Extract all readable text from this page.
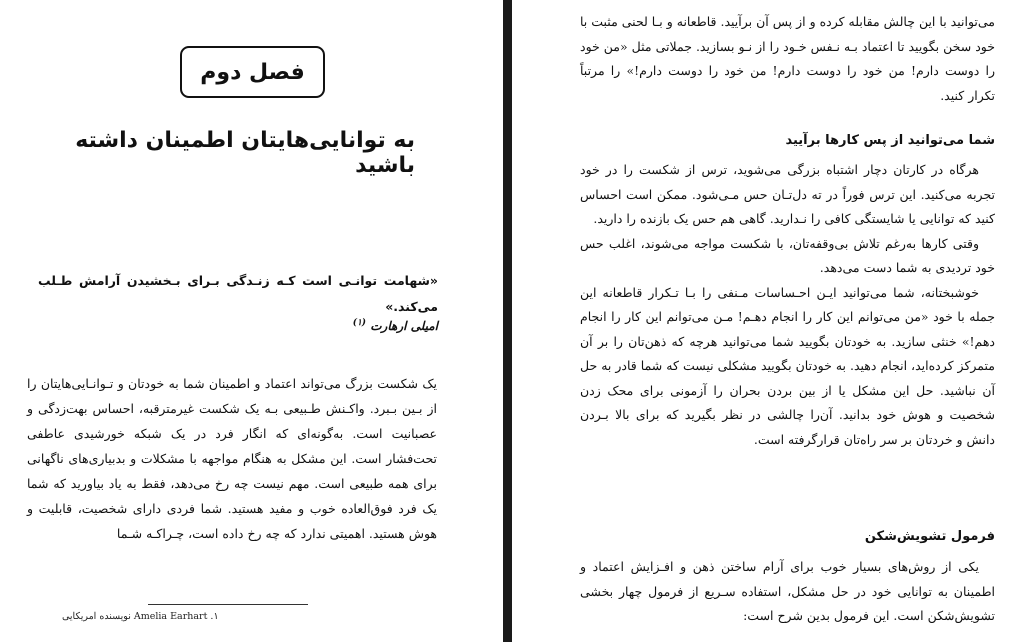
فصل دوم
به توانایی‌هایتان اطمینان داشته باشید
«شهامت توانـی است کـه زنـدگی بـرای بـخشیدن آرامش طـلب می‌کند.»
امیلی ارهارت $^{(۱)}$
یک شکست بزرگ می‌تواند اعتماد و اطمینان شما به خودتان و تـوانـایی‌هایتان را از بـین بـبرد. واکـنش طـبیعی بـه یک شکست غیرمترقبه، احساس بهت‌زدگی و عصبانیت است. به‌گونه‌ای که انگار فرد در یک شبکه خورشیدی عاطفی تحت‌فشار است. این مشکل به هنگام مواجهه با مشکلات و بدبیاری‌های ناگهانی برای همه طبیعی است. مهم نیست چه رخ می‌دهد، فقط به یاد بیاورید که شما یک فرد فوق‌العاده خوب و مفید هستید. شما فردی دارای شخصیت، قابلیت و هوش هستید. اهمیتی ندارد که چه رخ داده است، چـراکـه شـما
۱. Amelia Earhart نویسنده امریکایی

می‌توانید با این چالش مقابله کرده و از پس آن برآیید. قاطعانه و بـا لحنی مثبت با خود سخن بگویید تا اعتماد بـه نـفس خـود را از نـو بسازید. جملاتی مثل «من خود را دوست دارم! من خود را دوست دارم! من خود را دوست دارم!» را مرتباً تکرار کنید.

شما می‌توانید از پس کارها برآیید

هرگاه در کارتان دچار اشتباه بزرگی می‌شوید، ترس از شکست را در خود تجربه می‌کنید. این ترس فوراً در ته دل‌تـان حس مـی‌شود. ممکن است احساس کنید که توانایی یا شایستگی کافی را نـدارید. گاهی هم حس یک بازنده را دارید.

وقتی کارها به‌رغم تلاش بی‌وقفه‌تان، با شکست مواجه می‌شوند، اغلب حس خود تردیدی به شما دست می‌دهد.

خوشبختانه، شما می‌توانید ایـن احـساسات مـنفی را بـا تـکرار قاطعانه این جمله با خود «من می‌توانم این کار را انجام دهـم! مـن می‌توانم این کار را انجام دهم!» خنثی سازید. به خودتان بگویید شما می‌توانید هرچه که ذهن‌تان را بر آن متمرکز کرده‌اید، انجام دهید. به خودتان بگویید مشکلی نیست که شما قادر به حل آن نباشید. حل این مشکل یا از بین بردن بحران را آزمونی برای محک زدن شخصیت و هوش خود بدانید. آن‌را چالشی در نظر بگیرید که برای بالا بـردن دانش و خردتان بر سر راه‌تان قرارگرفته است.

فرمول تشویش‌شکن

یکی از روش‌های بسیار خوب برای آرام ساختن ذهن و افـزایش اعتماد و اطمینان به توانایی خود در حل مشکل، استفاده سـریع از فرمول چهار بخشی تشویش‌شکن است. این فرمول بدین شرح است:
